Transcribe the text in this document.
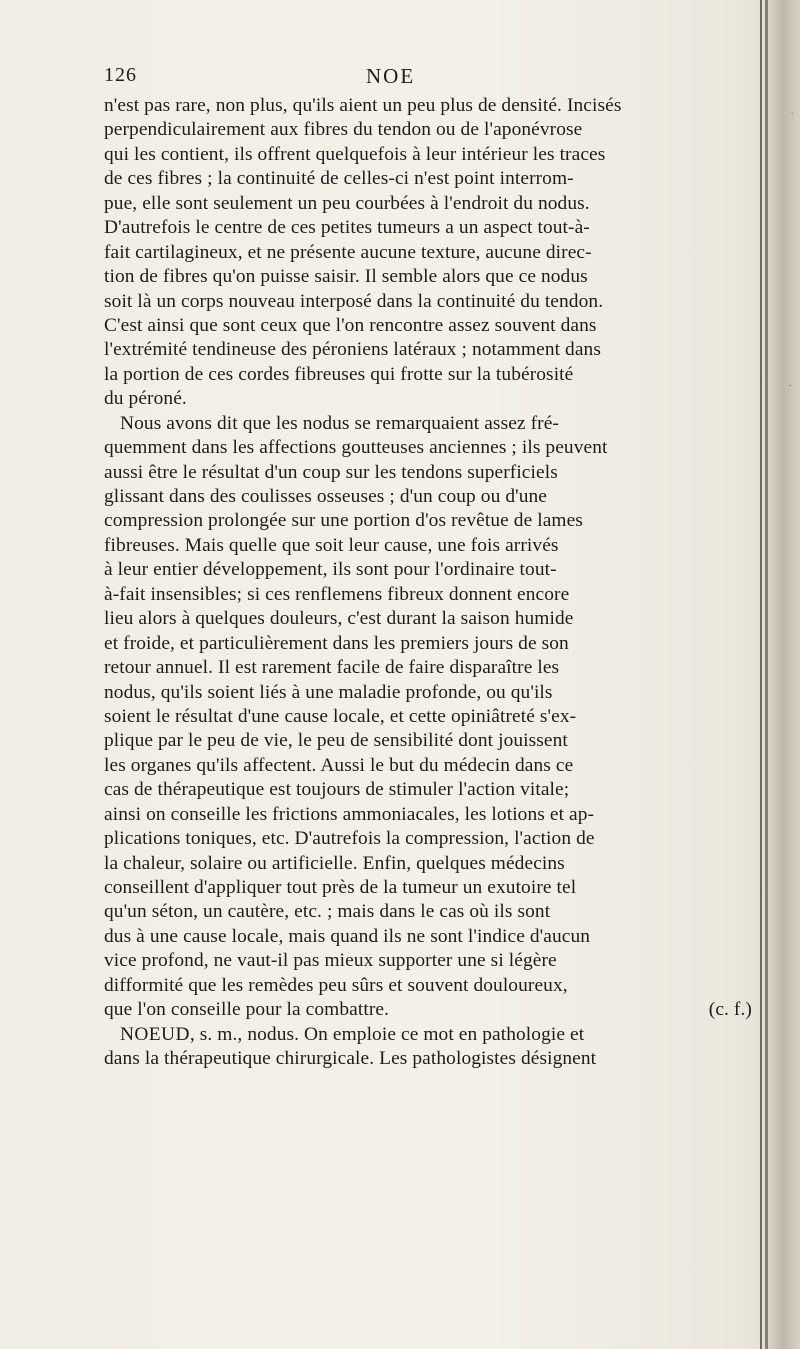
126	NOE
n'est pas rare, non plus, qu'ils aient un peu plus de densité. Incisés
perpendiculairement aux fibres du tendon ou de l'aponévrose
qui les contient, ils offrent quelquefois à leur intérieur les traces
de ces fibres ; la continuité de celles-ci n'est point interrom-
pue, elle sont seulement un peu courbées à l'endroit du nodus.
D'autrefois le centre de ces petites tumeurs a un aspect tout-à-
fait cartilagineux, et ne présente aucune texture, aucune direc-
tion de fibres qu'on puisse saisir. Il semble alors que ce nodus
soit là un corps nouveau interposé dans la continuité du tendon.
C'est ainsi que sont ceux que l'on rencontre assez souvent dans
l'extrémité tendineuse des péroniens latéraux ; notamment dans
la portion de ces cordes fibreuses qui frotte sur la tubérosité
du péroné.
Nous avons dit que les nodus se remarquaient assez fré-
quemment dans les affections goutteuses anciennes ; ils peuvent
aussi être le résultat d'un coup sur les tendons superficiels
glissant dans des coulisses osseuses ; d'un coup ou d'une
compression prolongée sur une portion d'os revêtue de lames
fibreuses. Mais quelle que soit leur cause, une fois arrivés
à leur entier développement, ils sont pour l'ordinaire tout-
à-fait insensibles; si ces renflemens fibreux donnent encore
lieu alors à quelques douleurs, c'est durant la saison humide
et froide, et particulièrement dans les premiers jours de son
retour annuel. Il est rarement facile de faire disparaître les
nodus, qu'ils soient liés à une maladie profonde, ou qu'ils
soient le résultat d'une cause locale, et cette opiniâtreté s'ex-
plique par le peu de vie, le peu de sensibilité dont jouissent
les organes qu'ils affectent. Aussi le but du médecin dans ce
cas de thérapeutique est toujours de stimuler l'action vitale;
ainsi on conseille les frictions ammoniacales, les lotions et ap-
plications toniques, etc. D'autrefois la compression, l'action de
la chaleur, solaire ou artificielle. Enfin, quelques médecins
conseillent d'appliquer tout près de la tumeur un exutoire tel
qu'un séton, un cautère, etc. ; mais dans le cas où ils sont
dus à une cause locale, mais quand ils ne sont l'indice d'aucun
vice profond, ne vaut-il pas mieux supporter une si légère
difformité que les remèdes peu sûrs et souvent douloureux,
que l'on conseille pour la combattre.	(c. f.)
NOEUD, s. m., nodus. On emploie ce mot en pathologie et
dans la thérapeutique chirurgicale. Les pathologistes désignent
·
·
